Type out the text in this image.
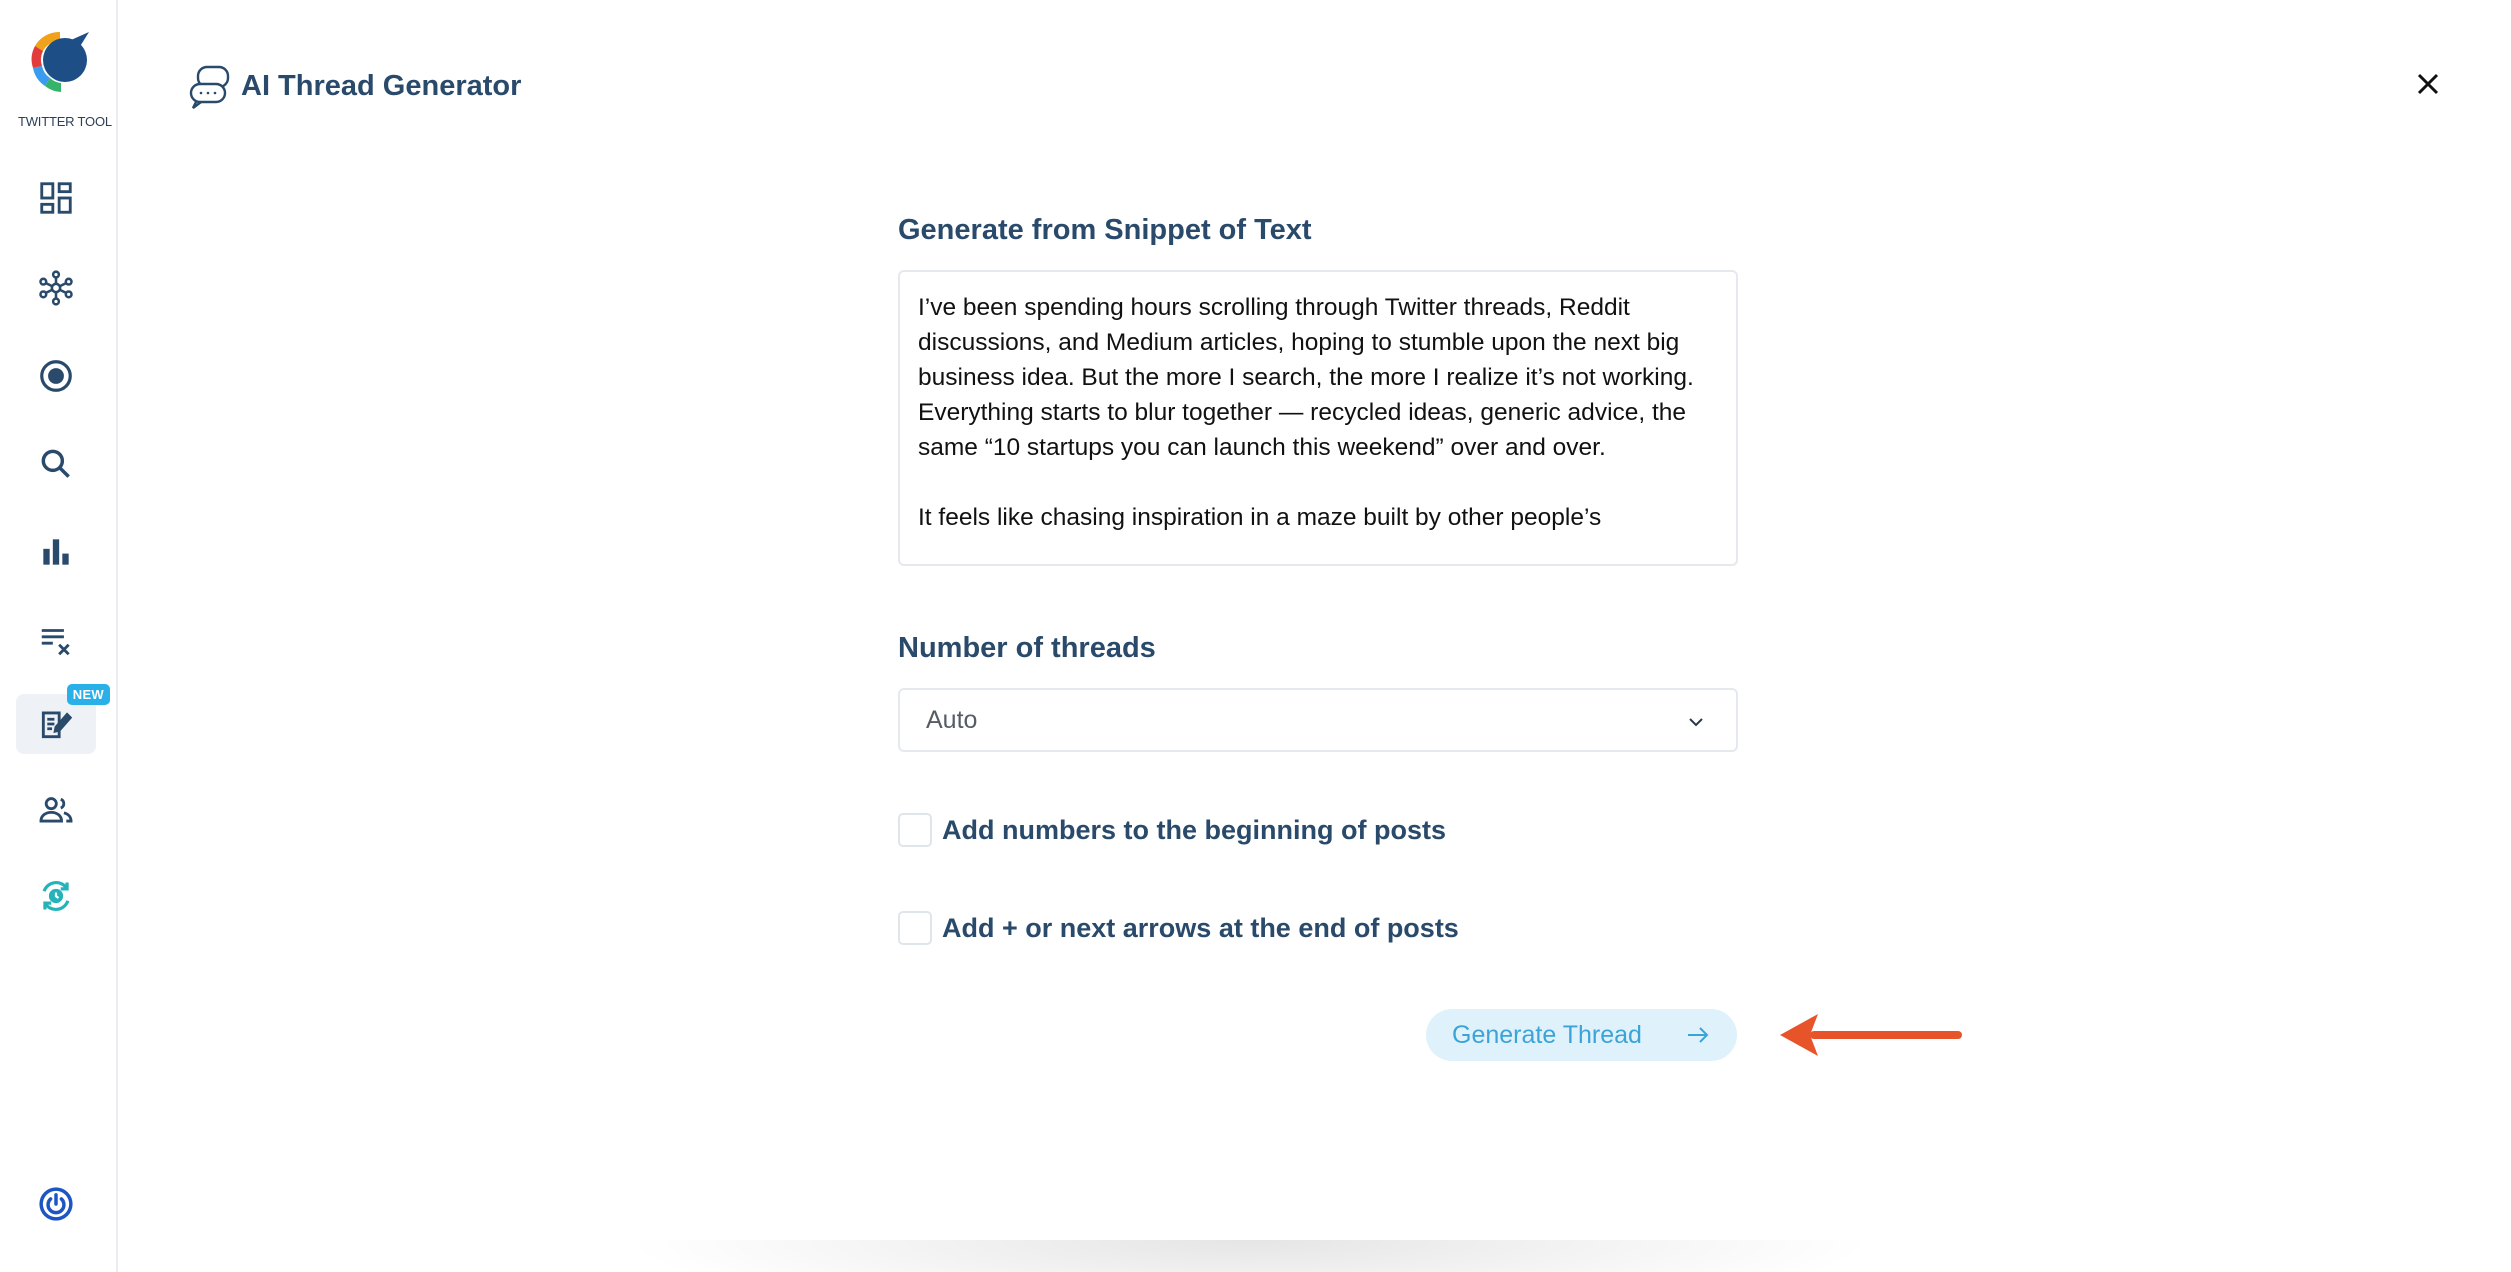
TWITTER TOOL
NEW
AI Thread Generator
Generate from Snippet of Text
I’ve been spending hours scrolling through Twitter threads, Reddit discussions, and Medium articles, hoping to stumble upon the next big business idea. But the more I search, the more I realize it’s not working. Everything starts to blur together — recycled ideas, generic advice, the same “10 startups you can launch this weekend” over and over.

It feels like chasing inspiration in a maze built by other people’s
Number of threads
Auto
Add numbers to the beginning of posts
Add + or next arrows at the end of posts
Generate Thread
